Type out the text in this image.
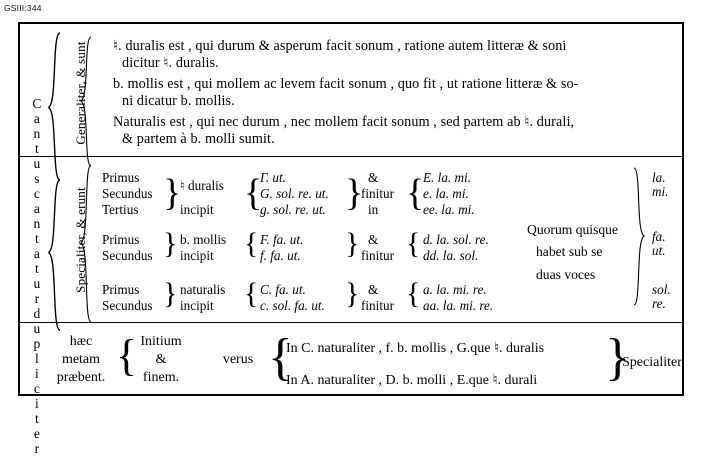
GSIII:344
C
a
n
t
u
s
c
a
n
t
a
t
u
r
d
u
p
l
i
c
i
t
e
r
Generaliter, & sunt ♮. duralis est , qui durum & asperum facit sonum , ratione autem litteræ & soni
dicitur ♮. duralis.
b. mollis est , qui mollem ac levem facit sonum , quo fit , ut ratione litteræ & so-
ni dicatur b. mollis.
Naturalis est , qui nec durum , nec mollem facit sonum , sed partem ab ♮. durali,
& partem à b. molli sumit.
Specialiter, & erunt
Primus
Secundus
Tertius }
♮ duralis
incipit {
Γ. ut.
G. sol. re. ut.
g. sol. re. ut. } &
finitur
in {
E. la. mi.
e. la. mi.
ee. la. mi.
Primus
Secundus } b. mollis
incipit { F. fa. ut.
f. fa. ut. } &
finitur { d. la. sol. re.
dd. la. sol.
Primus
Secundus } naturalis
incipit { C. fa. ut.
c. sol. fa. ut. } &
finitur { a. la. mi. re.
aa. la. mi. re.
Quorum quisque
habet sub se
duas voces
la.
mi.
fa.
ut.
sol.
re.
hæc
metam
præbent. { Initium
&
finem.
verus {
In C. naturaliter , f. b. mollis , G.que ♮. duralis
In A. naturaliter , D. b. molli , E.que ♮. durali }
Specialiter.
